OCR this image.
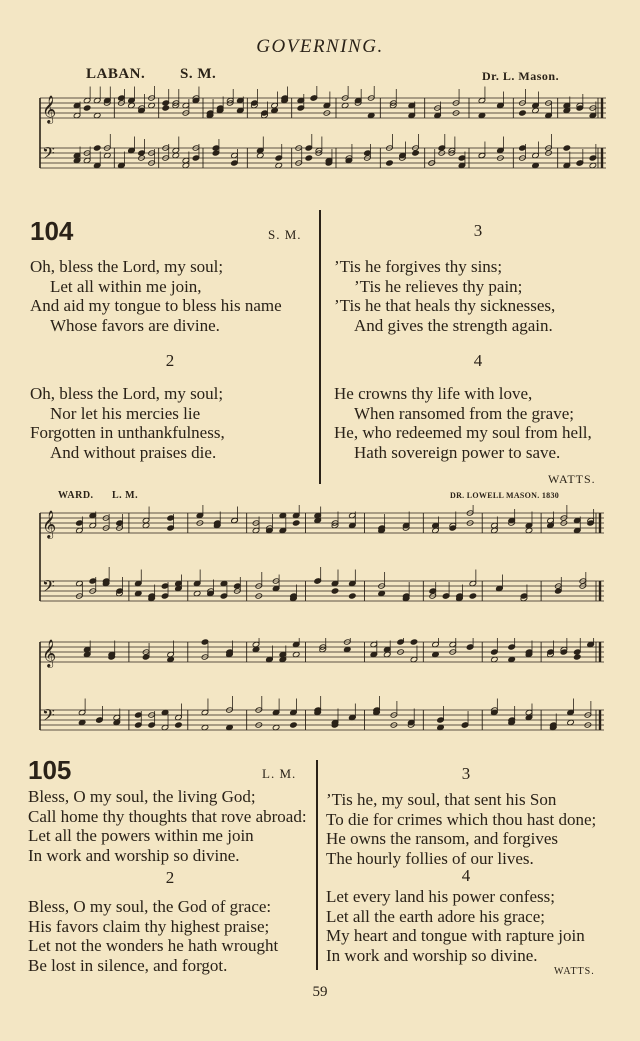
GOVERNING.
LABAN. S. M.	Dr. L. Mason.
𝄞
𝄢
104	S. M.
Oh, bless the Lord, my soul;
Let all within me join,
And aid my tongue to bless his name
Whose favors are divine.
2
Oh, bless the Lord, my soul;
Nor let his mercies lie
Forgotten in unthankfulness,
And without praises die.
3
’Tis he forgives thy sins;
’Tis he relieves thy pain;
’Tis he that heals thy sicknesses,
And gives the strength again.
4
He crowns thy life with love,
When ransomed from the grave;
He, who redeemed my soul from hell,
Hath sovereign power to save.
WATTS.
WARD. L. M.	DR. LOWELL MASON. 1830
𝄞
𝄢
𝄞
𝄢
105	L. M.
Bless, O my soul, the living God;
Call home thy thoughts that rove abroad:
Let all the powers within me join
In work and worship so divine.
2
Bless, O my soul, the God of grace:
His favors claim thy highest praise;
Let not the wonders he hath wrought
Be lost in silence, and forgot.
3
’Tis he, my soul, that sent his Son
To die for crimes which thou hast done;
He owns the ransom, and forgives
The hourly follies of our lives.
4
Let every land his power confess;
Let all the earth adore his grace;
My heart and tongue with rapture join
In work and worship so divine.
WATTS.
59
